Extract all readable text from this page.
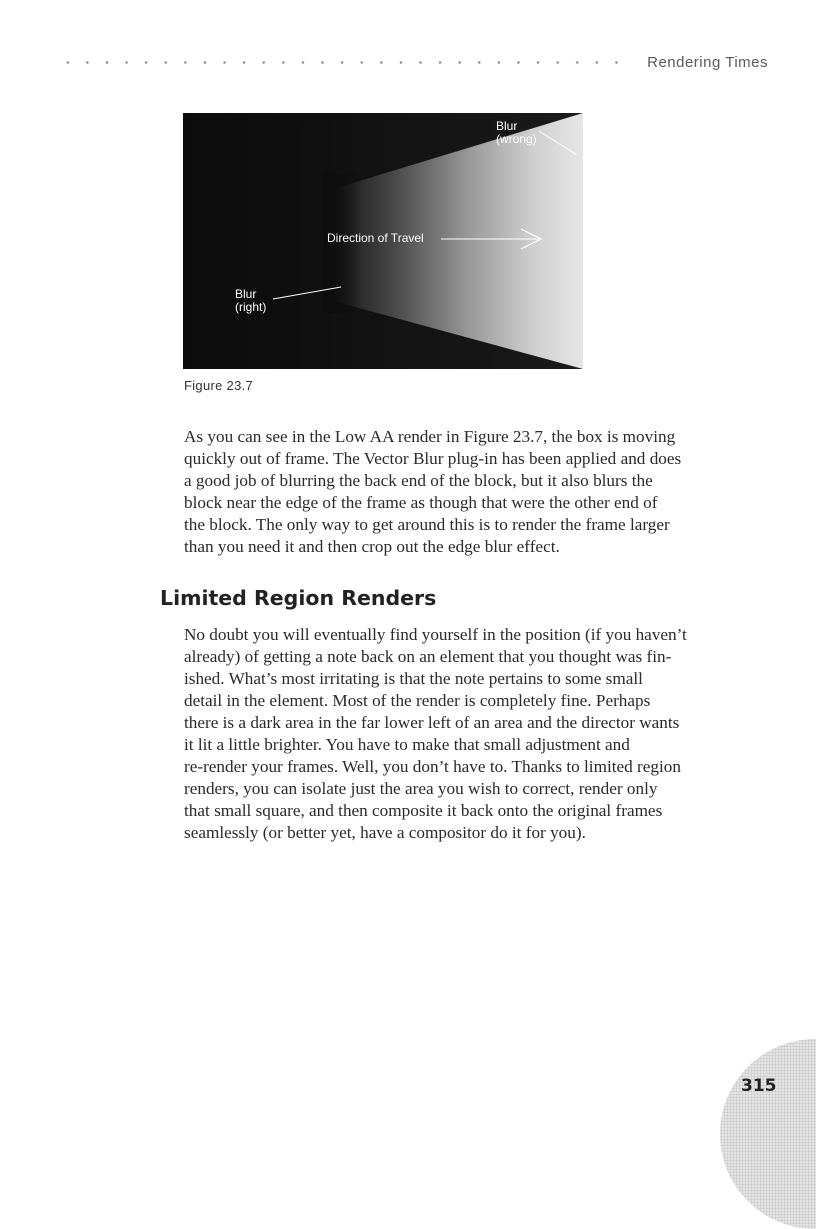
Rendering Times
Blur
(wrong)
Direction of Travel
Blur
(right)
Figure 23.7

As you can see in the Low AA render in Figure 23.7, the box is moving
quickly out of frame. The Vector Blur plug-in has been applied and does
a good job of blurring the back end of the block, but it also blurs the
block near the edge of the frame as though that were the other end of
the block. The only way to get around this is to render the frame larger
than you need it and then crop out the edge blur effect.

Limited Region Renders

No doubt you will eventually find yourself in the position (if you haven’t
already) of getting a note back on an element that you thought was fin-
ished. What’s most irritating is that the note pertains to some small
detail in the element. Most of the render is completely fine. Perhaps
there is a dark area in the far lower left of an area and the director wants
it lit a little brighter. You have to make that small adjustment and
re-render your frames. Well, you don’t have to. Thanks to limited region
renders, you can isolate just the area you wish to correct, render only
that small square, and then composite it back onto the original frames
seamlessly (or better yet, have a compositor do it for you).

315
